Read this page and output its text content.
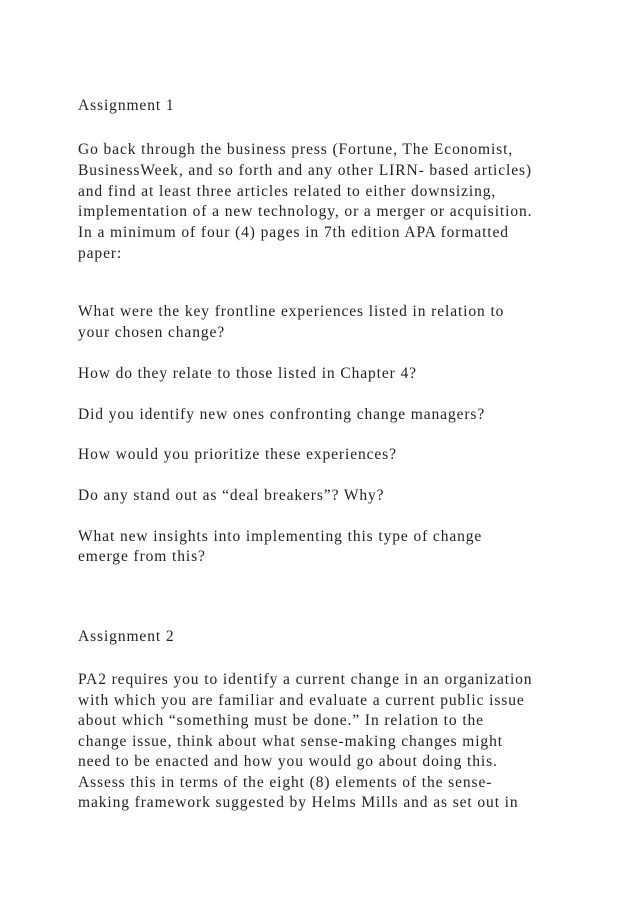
Assignment 1
Go back through the business press (Fortune, The Economist,
BusinessWeek, and so forth and any other LIRN- based articles)
and find at least three articles related to either downsizing,
implementation of a new technology, or a merger or acquisition.
In a minimum of four (4) pages in 7th edition APA formatted
paper:
What were the key frontline experiences listed in relation to
your chosen change?
How do they relate to those listed in Chapter 4?
Did you identify new ones confronting change managers?
How would you prioritize these experiences?
Do any stand out as “deal breakers”? Why?
What new insights into implementing this type of change
emerge from this?
Assignment 2
PA2 requires you to identify a current change in an organization
with which you are familiar and evaluate a current public issue
about which “something must be done.” In relation to the
change issue, think about what sense-making changes might
need to be enacted and how you would go about doing this.
Assess this in terms of the eight (8) elements of the sense-
making framework suggested by Helms Mills and as set out in
